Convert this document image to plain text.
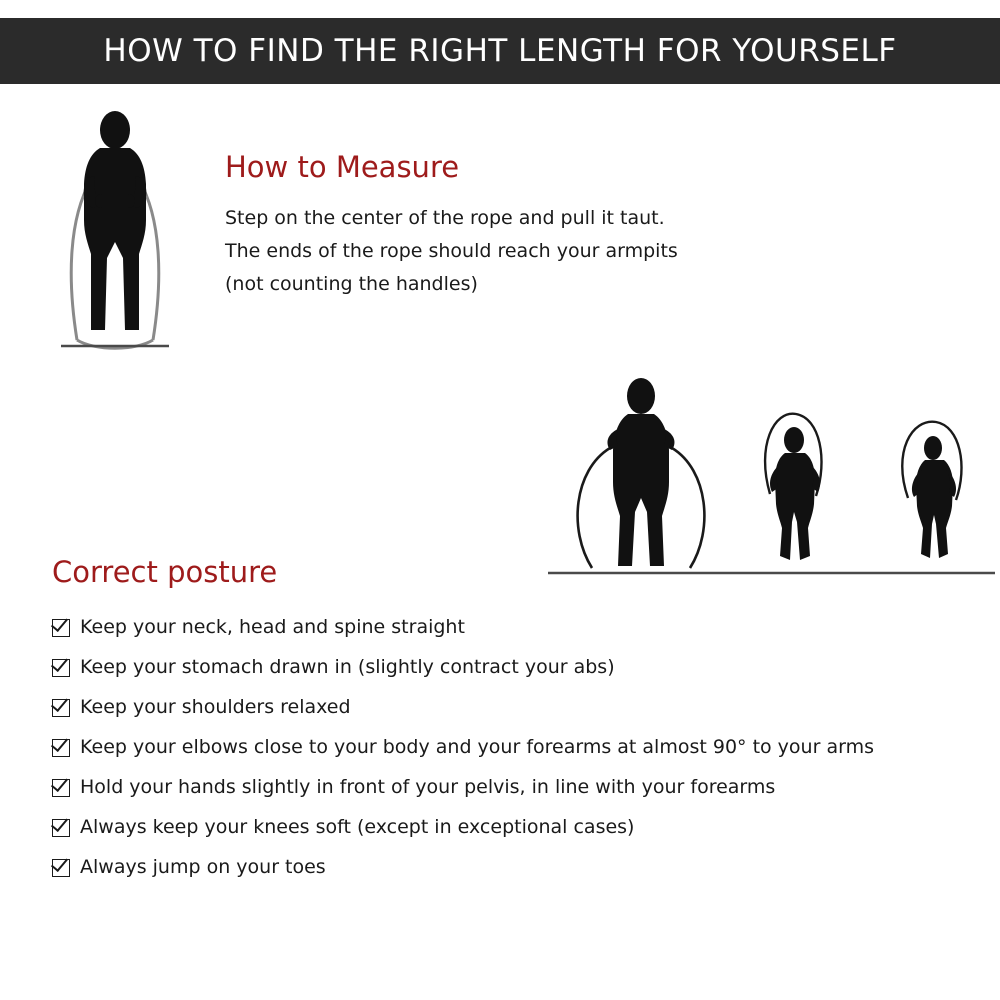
HOW TO FIND THE RIGHT LENGTH FOR YOURSELF
How to Measure
Step on the center of the rope and pull it taut.
The ends of the rope should reach your armpits
(not counting the handles)
Correct posture
Keep your neck, head and spine straight
Keep your stomach drawn in (slightly contract your abs)
Keep your shoulders relaxed
Keep your elbows close to your body and your forearms at almost 90° to your arms
Hold your hands slightly in front of your pelvis, in line with your forearms
Always keep your knees soft (except in exceptional cases)
Always jump on your toes
